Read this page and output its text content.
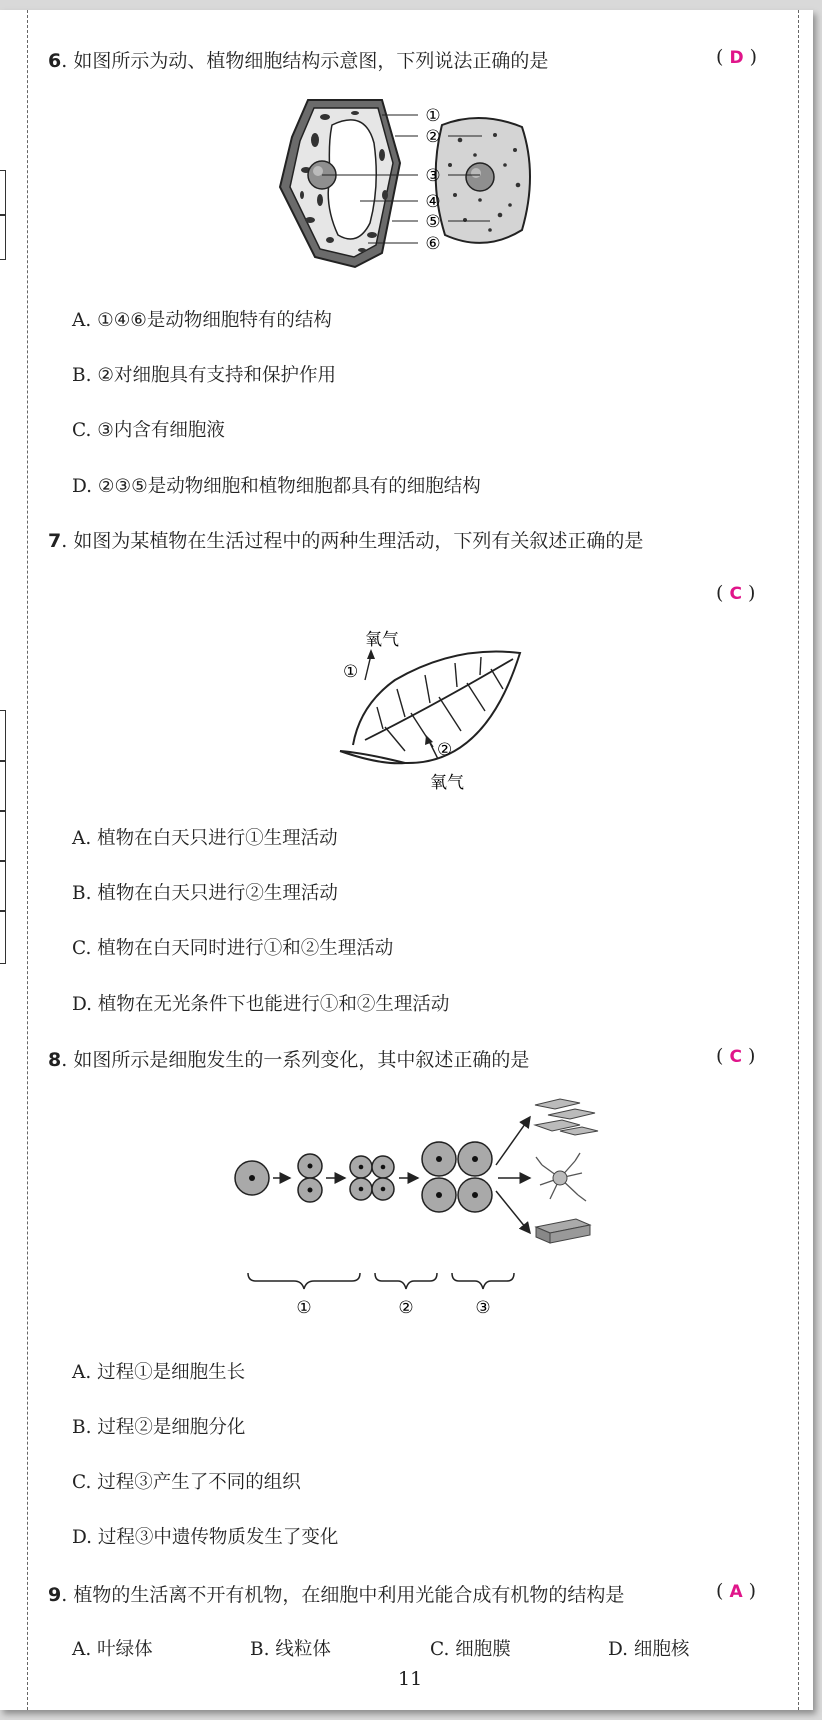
6. 如图所示为动、植物细胞结构示意图，下列说法正确的是	( D )
①
②
③
④
⑤
⑥
A. ①④⑥是动物细胞特有的结构
B. ②对细胞具有支持和保护作用
C. ③内含有细胞液
D. ②③⑤是动物细胞和植物细胞都具有的细胞结构
7. 如图为某植物在生活过程中的两种生理活动，下列有关叙述正确的是
( C )
氧气
①
②
氧气
A. 植物在白天只进行①生理活动
B. 植物在白天只进行②生理活动
C. 植物在白天同时进行①和②生理活动
D. 植物在无光条件下也能进行①和②生理活动
8. 如图所示是细胞发生的一系列变化，其中叙述正确的是	( C )
①	②	③
A. 过程①是细胞生长
B. 过程②是细胞分化
C. 过程③产生了不同的组织
D. 过程③中遗传物质发生了变化
9. 植物的生活离不开有机物，在细胞中利用光能合成有机物的结构是	( A )
A. 叶绿体	B. 线粒体	C. 细胞膜	D. 细胞核
11
